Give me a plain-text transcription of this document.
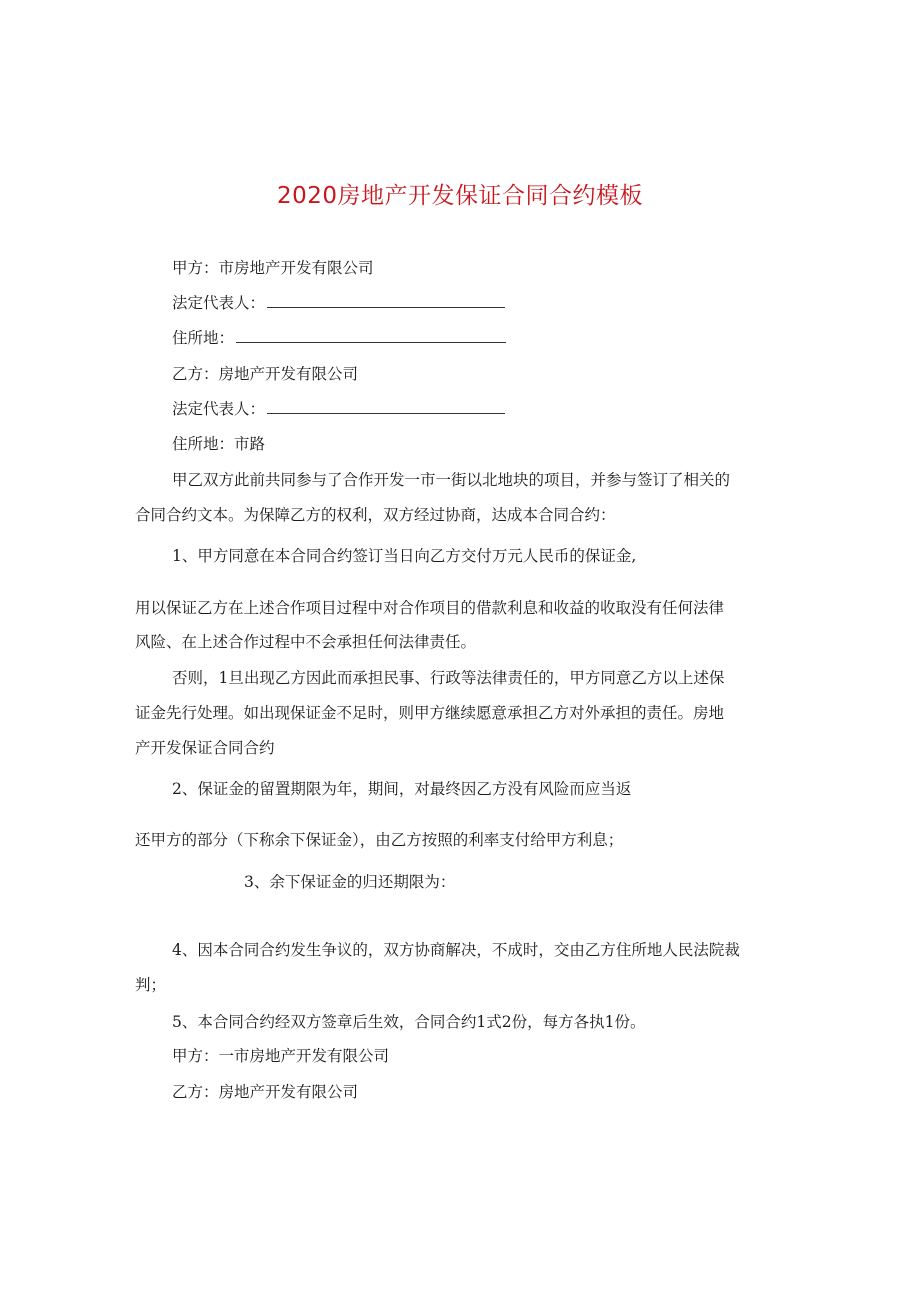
2020房地产开发保证合同合约模板
甲方：市房地产开发有限公司
法定代表人：
住所地：
乙方：房地产开发有限公司
法定代表人：
住所地：市路
甲乙双方此前共同参与了合作开发一市一街以北地块的项目，并参与签订了相关的
合同合约文本。为保障乙方的权利，双方经过协商，达成本合同合约：
1、甲方同意在本合同合约签订当日向乙方交付万元人民币的保证金,
用以保证乙方在上述合作项目过程中对合作项目的借款利息和收益的收取没有任何法律
风险、在上述合作过程中不会承担任何法律责任。
否则，1旦出现乙方因此而承担民事、行政等法律责任的，甲方同意乙方以上述保
证金先行处理。如出现保证金不足时，则甲方继续愿意承担乙方对外承担的责任。房地
产开发保证合同合约
2、保证金的留置期限为年，期间，对最终因乙方没有风险而应当返
还甲方的部分（下称余下保证金），由乙方按照的利率支付给甲方利息；
3、余下保证金的归还期限为：
4、因本合同合约发生争议的，双方协商解决，不成时，交由乙方住所地人民法院裁
判；
5、本合同合约经双方签章后生效，合同合约1式2份，每方各执1份。
甲方：一市房地产开发有限公司
乙方：房地产开发有限公司
